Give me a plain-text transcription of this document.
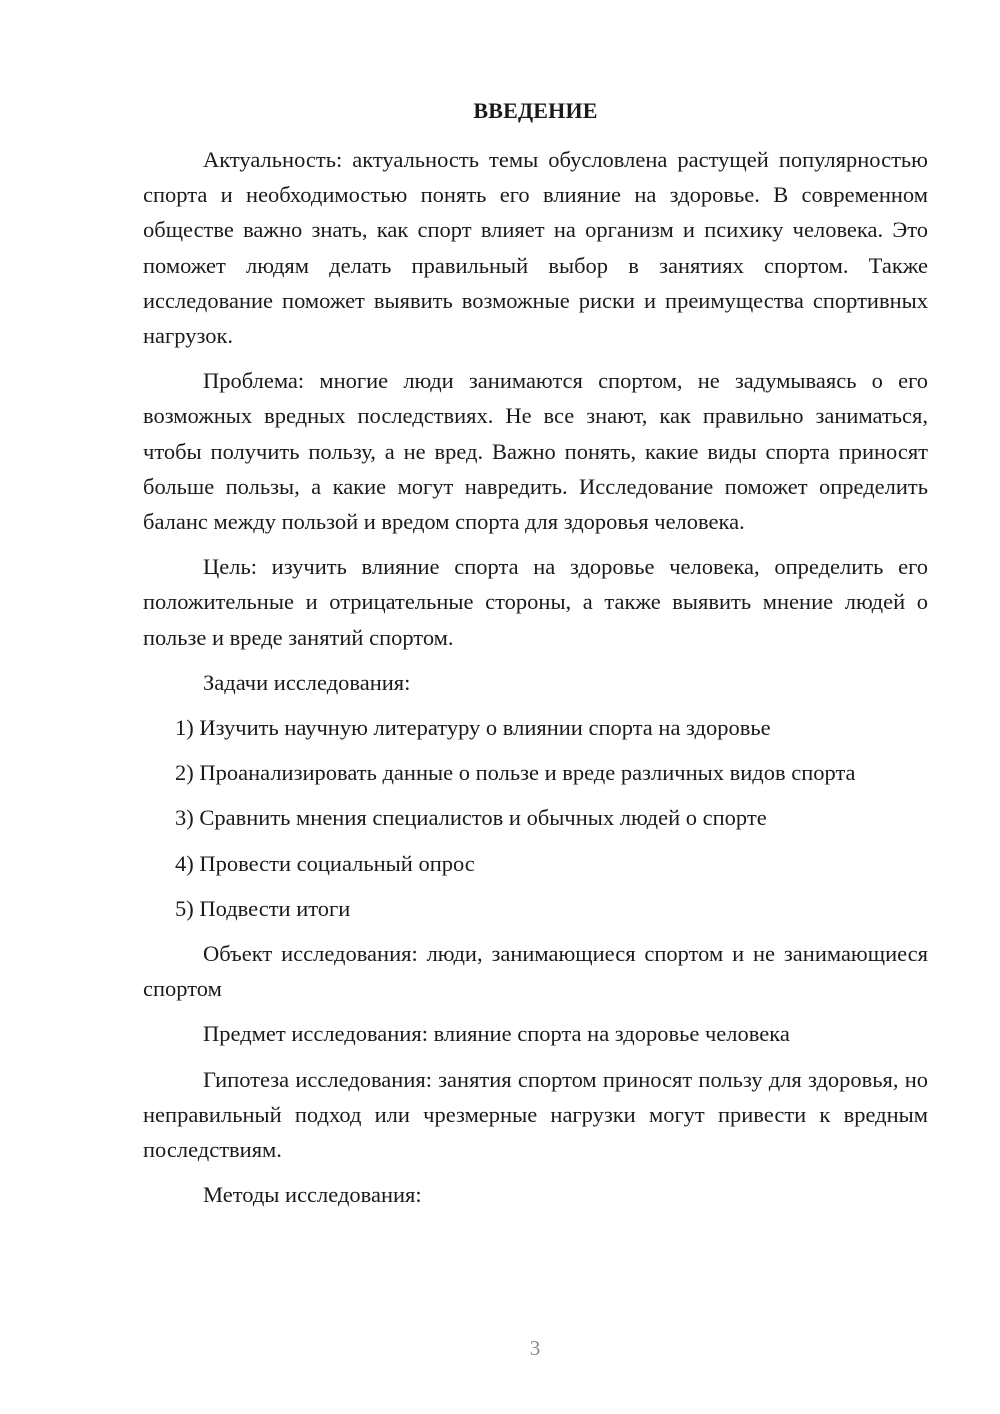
ВВЕДЕНИЕ

Актуальность: актуальность темы обусловлена растущей популярностью спорта и необходимостью понять его влияние на здоровье. В современном обществе важно знать, как спорт влияет на организм и психику человека. Это поможет людям делать правильный выбор в занятиях спортом. Также исследование поможет выявить возможные риски и преимущества спортивных нагрузок.

Проблема: многие люди занимаются спортом, не задумываясь о его возможных вредных последствиях. Не все знают, как правильно заниматься, чтобы получить пользу, а не вред. Важно понять, какие виды спорта приносят больше пользы, а какие могут навредить. Исследование поможет определить баланс между пользой и вредом спорта для здоровья человека.

Цель: изучить влияние спорта на здоровье человека, определить его положительные и отрицательные стороны, а также выявить мнение людей о пользе и вреде занятий спортом.

Задачи исследования:

1) Изучить научную литературу о влиянии спорта на здоровье

2) Проанализировать данные о пользе и вреде различных видов спорта

3) Сравнить мнения специалистов и обычных людей о спорте

4) Провести социальный опрос

5) Подвести итоги

Объект исследования: люди, занимающиеся спортом и не занимающиеся спортом

Предмет исследования: влияние спорта на здоровье человека

Гипотеза исследования: занятия спортом приносят пользу для здоровья, но неправильный подход или чрезмерные нагрузки могут привести к вредным последствиям.

Методы исследования:

3
